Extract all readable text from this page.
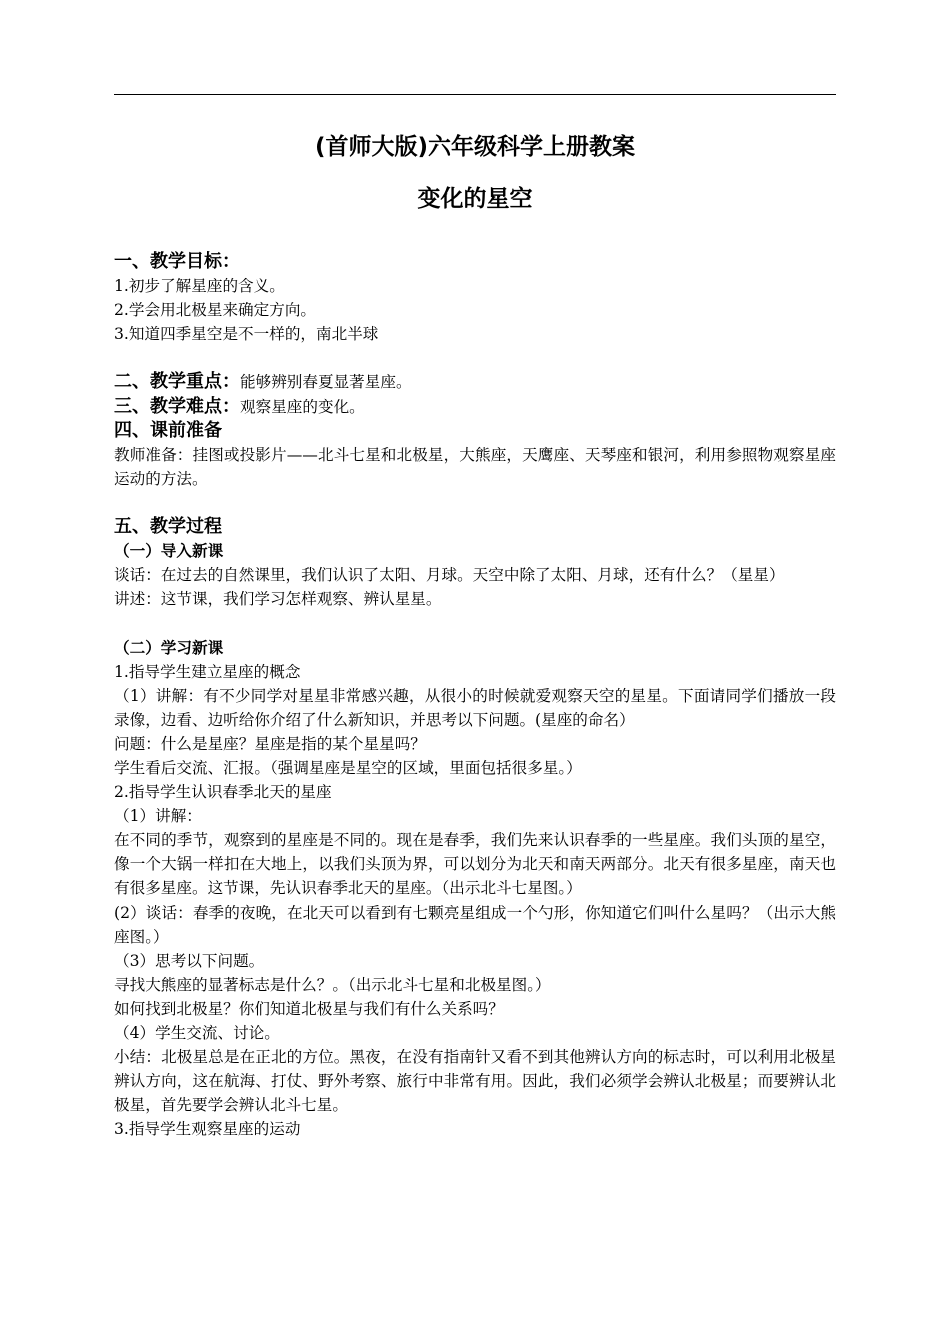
(首师大版)六年级科学上册教案
变化的星空

一、教学目标：

1.初步了解星座的含义。

2.学会用北极星来确定方向。

3.知道四季星空是不一样的，南北半球

二、教学重点：能够辨别春夏显著星座。

三、教学难点：观察星座的变化。

四、课前准备

教师准备：挂图或投影片——北斗七星和北极星，大熊座，天鹰座、天琴座和银河，利用参照物观察星座运动的方法。

五、教学过程

（一）导入新课

谈话：在过去的自然课里，我们认识了太阳、月球。天空中除了太阳、月球，还有什么？（星星）

讲述：这节课，我们学习怎样观察、辨认星星。

（二）学习新课

1.指导学生建立星座的概念

（1）讲解：有不少同学对星星非常感兴趣，从很小的时候就爱观察天空的星星。下面请同学们播放一段录像，边看、边听给你介绍了什么新知识，并思考以下问题。(星座的命名）

问题：什么是星座？星座是指的某个星星吗？

学生看后交流、汇报。（强调星座是星空的区域，里面包括很多星。）

2.指导学生认识春季北天的星座

（1）讲解：

在不同的季节，观察到的星座是不同的。现在是春季，我们先来认识春季的一些星座。我们头顶的星空，像一个大锅一样扣在大地上，以我们头顶为界，可以划分为北天和南天两部分。北天有很多星座，南天也有很多星座。这节课，先认识春季北天的星座。（出示北斗七星图。）

(2）谈话：春季的夜晚，在北天可以看到有七颗亮星组成一个勺形，你知道它们叫什么星吗？（出示大熊座图。）

（3）思考以下问题。

寻找大熊座的显著标志是什么？。（出示北斗七星和北极星图。）

如何找到北极星？你们知道北极星与我们有什么关系吗？

（4）学生交流、讨论。

小结：北极星总是在正北的方位。黑夜，在没有指南针又看不到其他辨认方向的标志时，可以利用北极星辨认方向，这在航海、打仗、野外考察、旅行中非常有用。因此，我们必须学会辨认北极星；而要辨认北极星，首先要学会辨认北斗七星。

3.指导学生观察星座的运动
